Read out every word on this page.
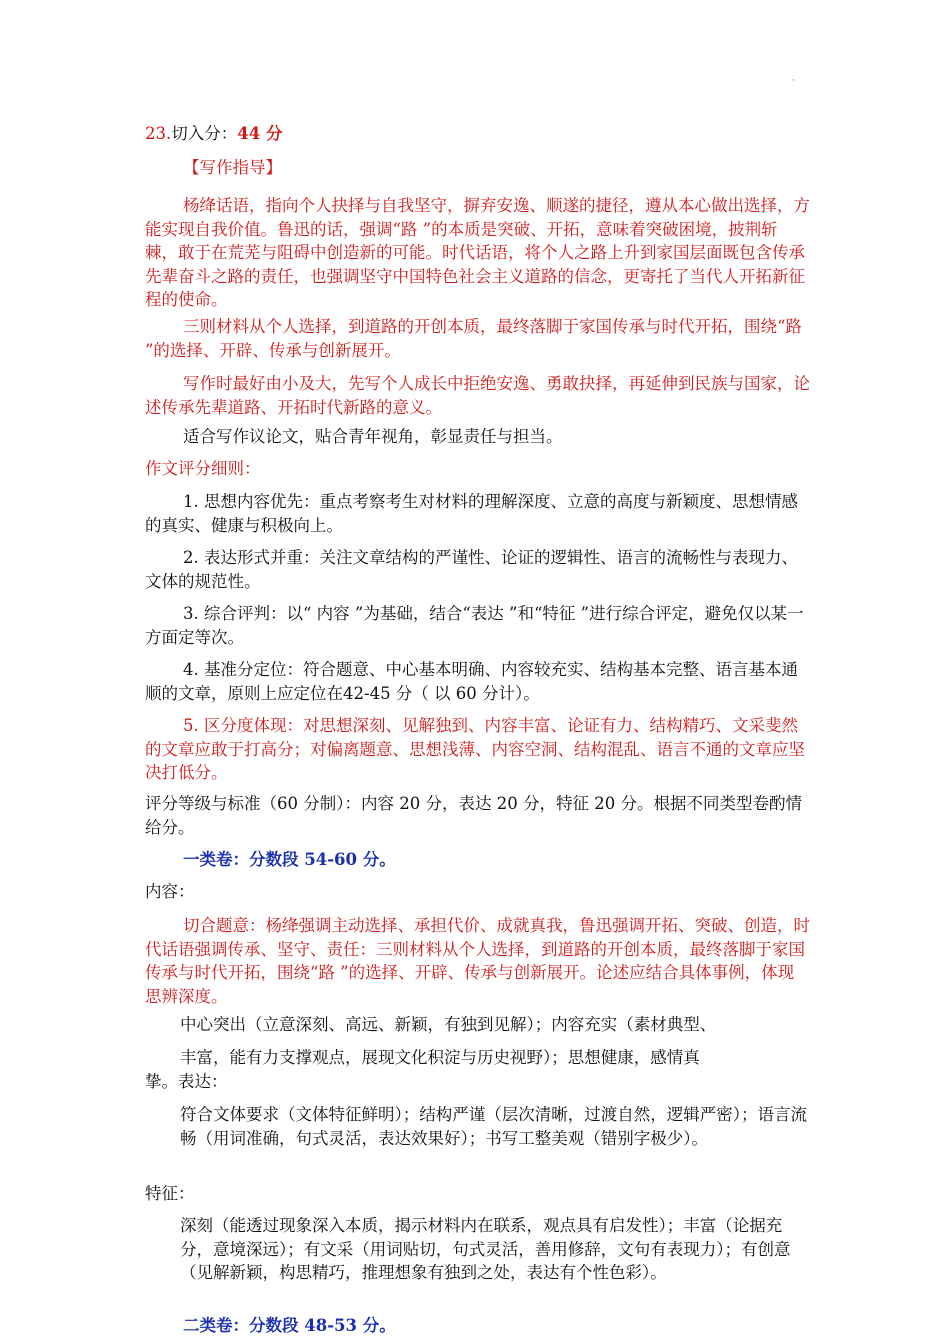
·

23.切入分：44 分

【写作指导】

杨绛话语，指向个人抉择与自我坚守，摒弃安逸、顺遂的捷径，遵从本心做出选择，方能实现自我价值。鲁迅的话，强调“路 ”的本质是突破、开拓，意味着突破困境，披荆斩棘，敢于在荒芜与阻碍中创造新的可能。时代话语，将个人之路上升到家国层面既包含传承先辈奋斗之路的责任，也强调坚守中国特色社会主义道路的信念，更寄托了当代人开拓新征程的使命。

三则材料从个人选择，到道路的开创本质，最终落脚于家国传承与时代开拓，围绕“路 ”的选择、开辟、传承与创新展开。

写作时最好由小及大，先写个人成长中拒绝安逸、勇敢抉择，再延伸到民族与国家，论述传承先辈道路、开拓时代新路的意义。

适合写作议论文，贴合青年视角，彰显责任与担当。

作文评分细则：

1. 思想内容优先：重点考察考生对材料的理解深度、立意的高度与新颖度、思想情感的真实、健康与积极向上。

2. 表达形式并重：关注文章结构的严谨性、论证的逻辑性、语言的流畅性与表现力、文体的规范性。

3. 综合评判：以“ 内容 ”为基础，结合“表达 ”和“特征 ”进行综合评定，避免仅以某一方面定等次。

4. 基准分定位：符合题意、中心基本明确、内容较充实、结构基本完整、语言基本通顺的文章，原则上应定位在42-45 分（ 以 60 分计）。

5. 区分度体现：对思想深刻、见解独到、内容丰富、论证有力、结构精巧、文采斐然的文章应敢于打高分；对偏离题意、思想浅薄、内容空洞、结构混乱、语言不通的文章应坚决打低分。

评分等级与标准（60 分制）：内容 20 分，表达 20 分，特征 20 分。根据不同类型卷酌情给分。

一类卷：分数段 54-60 分。

内容：

切合题意：杨绛强调主动选择、承担代价、成就真我，鲁迅强调开拓、突破、创造，时代话语强调传承、坚守、责任：三则材料从个人选择，到道路的开创本质，最终落脚于家国传承与时代开拓，围绕“路 ”的选择、开辟、传承与创新展开。论述应结合具体事例，体现思辨深度。

中心突出（立意深刻、高远、新颖，有独到见解）；内容充实（素材典型、

丰富，能有力支撑观点，展现文化积淀与历史视野）；思想健康，感情真

挚。表达：

符合文体要求（文体特征鲜明）；结构严谨（层次清晰，过渡自然，逻辑严密）；语言流畅（用词准确，句式灵活，表达效果好）；书写工整美观（错别字极少）。

特征：

深刻（能透过现象深入本质，揭示材料内在联系，观点具有启发性）；丰富（论据充分，意境深远）；有文采（用词贴切，句式灵活，善用修辞，文句有表现力）；有创意（见解新颖，构思精巧，推理想象有独到之处，表达有个性色彩）。

二类卷：分数段 48-53 分。
